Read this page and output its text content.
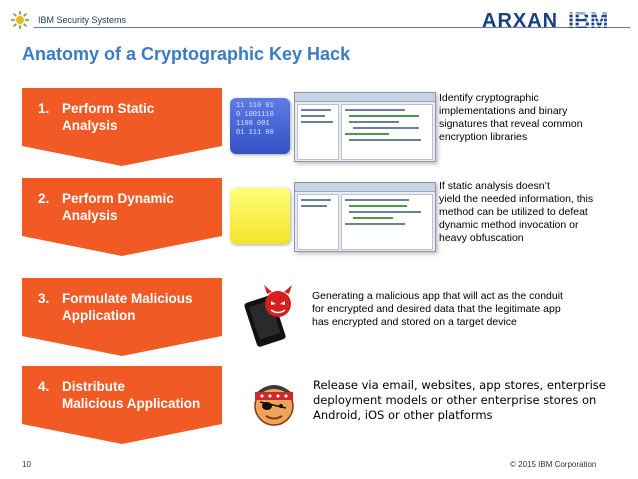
IBM Security Systems	ARXAN IBM
Anatomy of a Cryptographic Key Hack
1. Perform Static
Analysis
2. Perform Dynamic
Analysis
3. Formulate Malicious
Application
4. Distribute
Malicious Application
11 110 01
0 1001110
1100 001
01 111 00
Identify cryptographic
implementations and binary
signatures that reveal common
encryption libraries
If static analysis doesn’t
yield the needed information, this
method can be utilized to defeat
dynamic method invocation or
heavy obfuscation
Generating a malicious app that will act as the conduit
for encrypted and desired data that the legitimate app
has encrypted and stored on a target device
Release via email, websites, app stores, enterprise
deployment models or other enterprise stores on
Android, iOS or other platforms
10	© 2015 IBM Corporation
